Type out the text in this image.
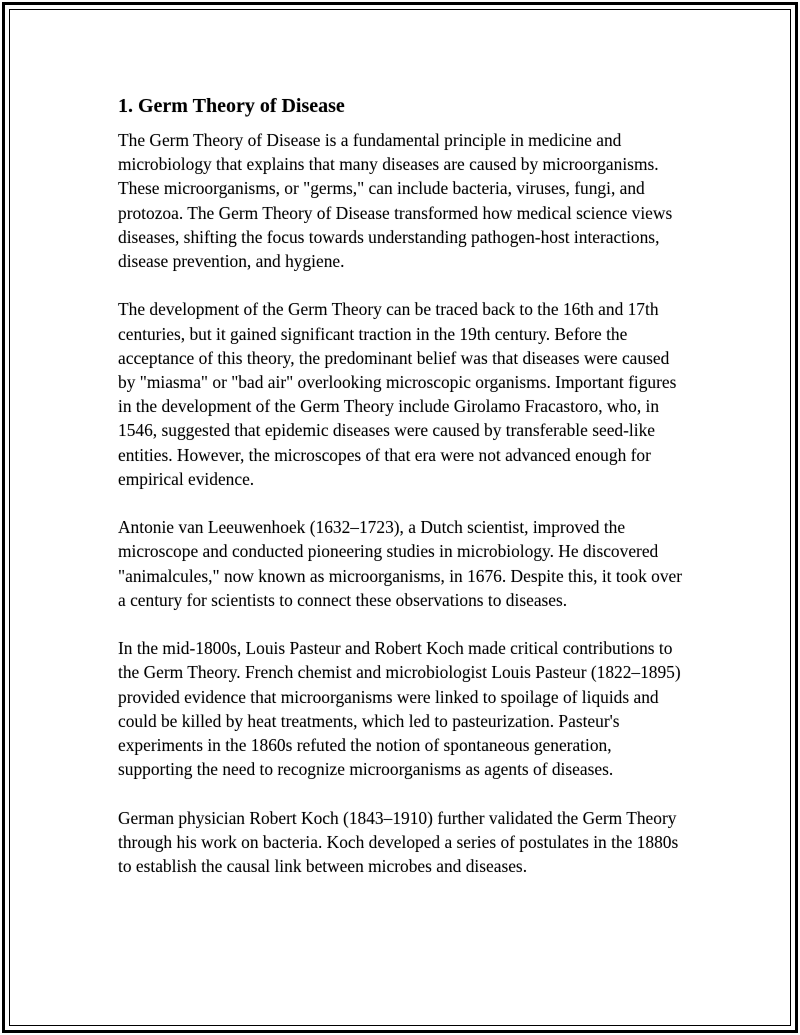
1. Germ Theory of Disease

The Germ Theory of Disease is a fundamental principle in medicine and microbiology that explains that many diseases are caused by microorganisms. These microorganisms, or "germs," can include bacteria, viruses, fungi, and protozoa. The Germ Theory of Disease transformed how medical science views diseases, shifting the focus towards understanding pathogen-host interactions, disease prevention, and hygiene.

The development of the Germ Theory can be traced back to the 16th and 17th centuries, but it gained significant traction in the 19th century. Before the acceptance of this theory, the predominant belief was that diseases were caused by "miasma" or "bad air" overlooking microscopic organisms. Important figures in the development of the Germ Theory include Girolamo Fracastoro, who, in 1546, suggested that epidemic diseases were caused by transferable seed-like entities. However, the microscopes of that era were not advanced enough for empirical evidence.

Antonie van Leeuwenhoek (1632–1723), a Dutch scientist, improved the microscope and conducted pioneering studies in microbiology. He discovered "animalcules," now known as microorganisms, in 1676. Despite this, it took over a century for scientists to connect these observations to diseases.

In the mid-1800s, Louis Pasteur and Robert Koch made critical contributions to the Germ Theory. French chemist and microbiologist Louis Pasteur (1822–1895) provided evidence that microorganisms were linked to spoilage of liquids and could be killed by heat treatments, which led to pasteurization. Pasteur's experiments in the 1860s refuted the notion of spontaneous generation, supporting the need to recognize microorganisms as agents of diseases.

German physician Robert Koch (1843–1910) further validated the Germ Theory through his work on bacteria. Koch developed a series of postulates in the 1880s to establish the causal link between microbes and diseases.
